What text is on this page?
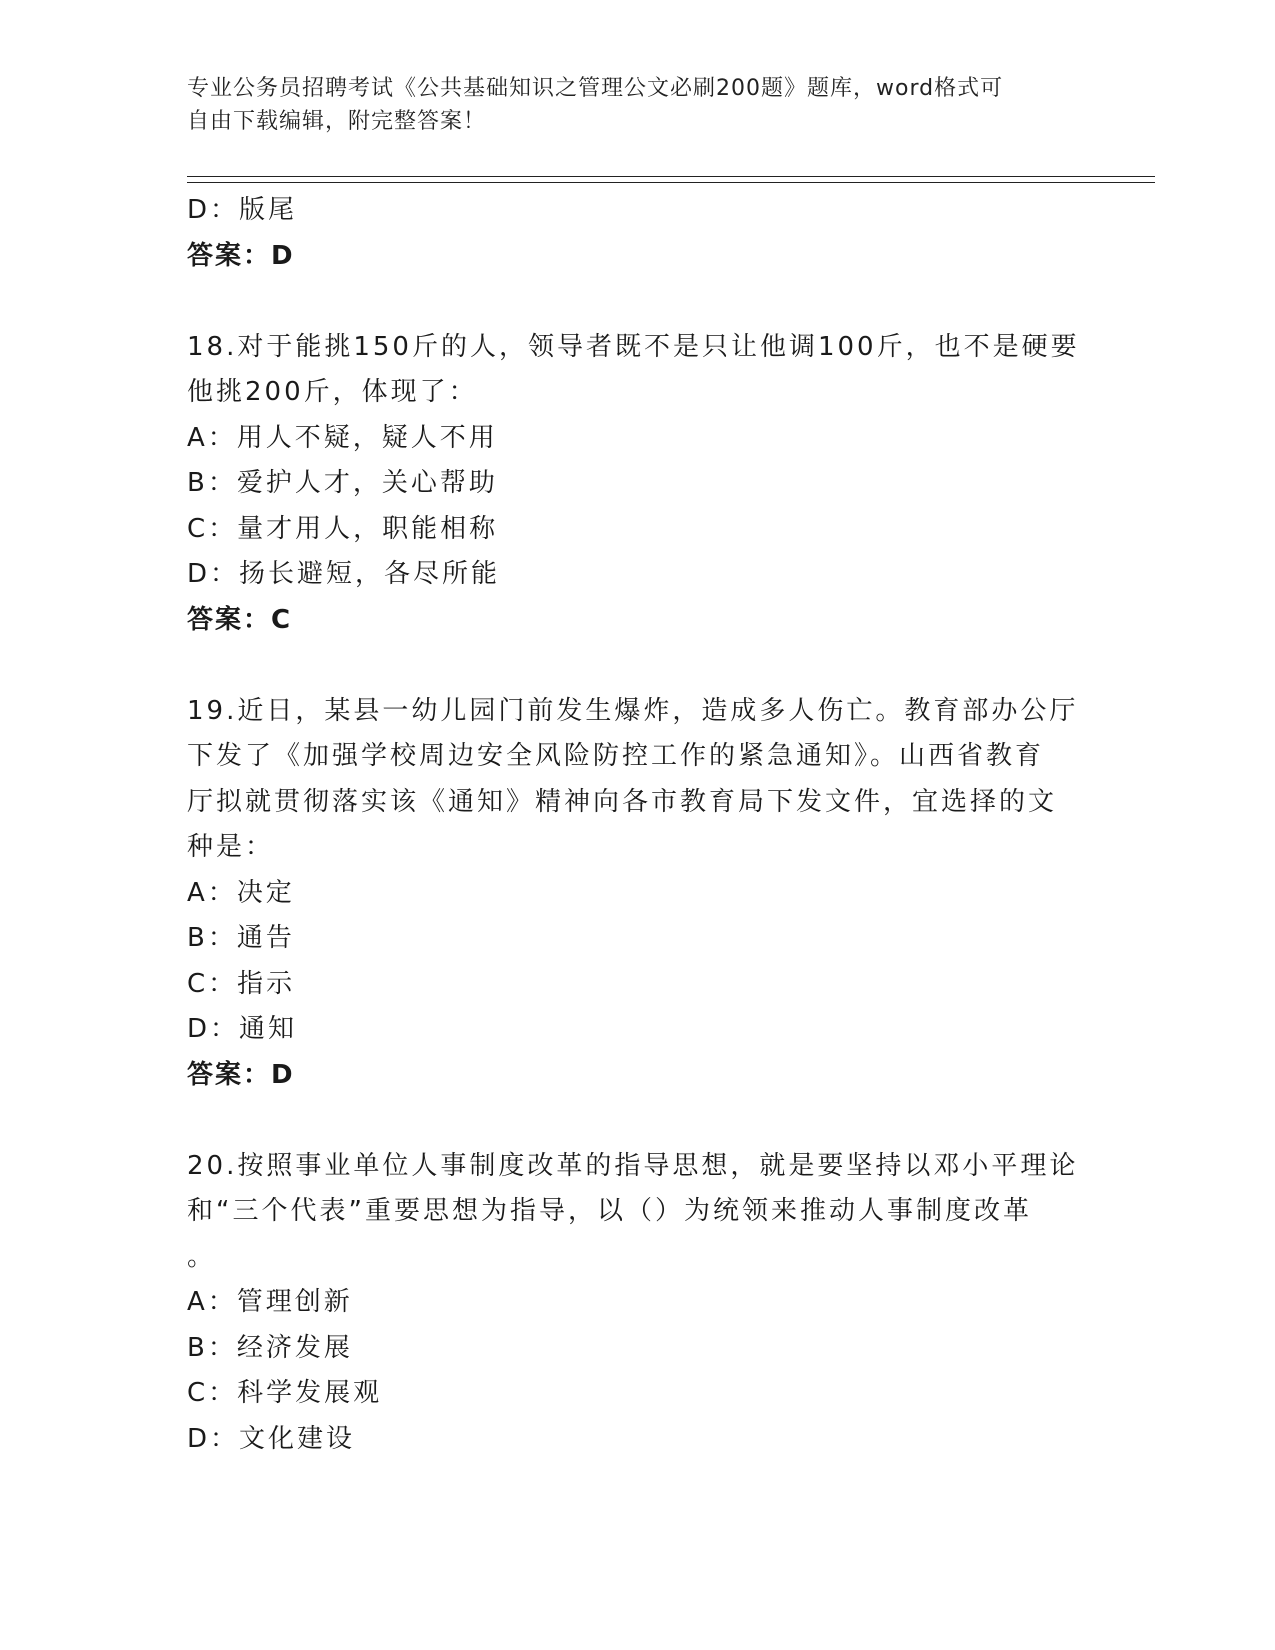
专业公务员招聘考试《公共基础知识之管理公文必刷200题》题库，word格式可
自由下载编辑，附完整答案！
D：版尾
答案：D
18.对于能挑150斤的人，领导者既不是只让他调100斤，也不是硬要
他挑200斤，体现了：
A：用人不疑，疑人不用
B：爱护人才，关心帮助
C：量才用人，职能相称
D：扬长避短，各尽所能
答案：C
19.近日，某县一幼儿园门前发生爆炸，造成多人伤亡。教育部办公厅
下发了《加强学校周边安全风险防控工作的紧急通知》。山西省教育
厅拟就贯彻落实该《通知》精神向各市教育局下发文件，宜选择的文
种是：
A：决定
B：通告
C：指示
D：通知
答案：D
20.按照事业单位人事制度改革的指导思想，就是要坚持以邓小平理论
和“三个代表”重要思想为指导，以（）为统领来推动人事制度改革
。
A：管理创新
B：经济发展
C：科学发展观
D：文化建设
